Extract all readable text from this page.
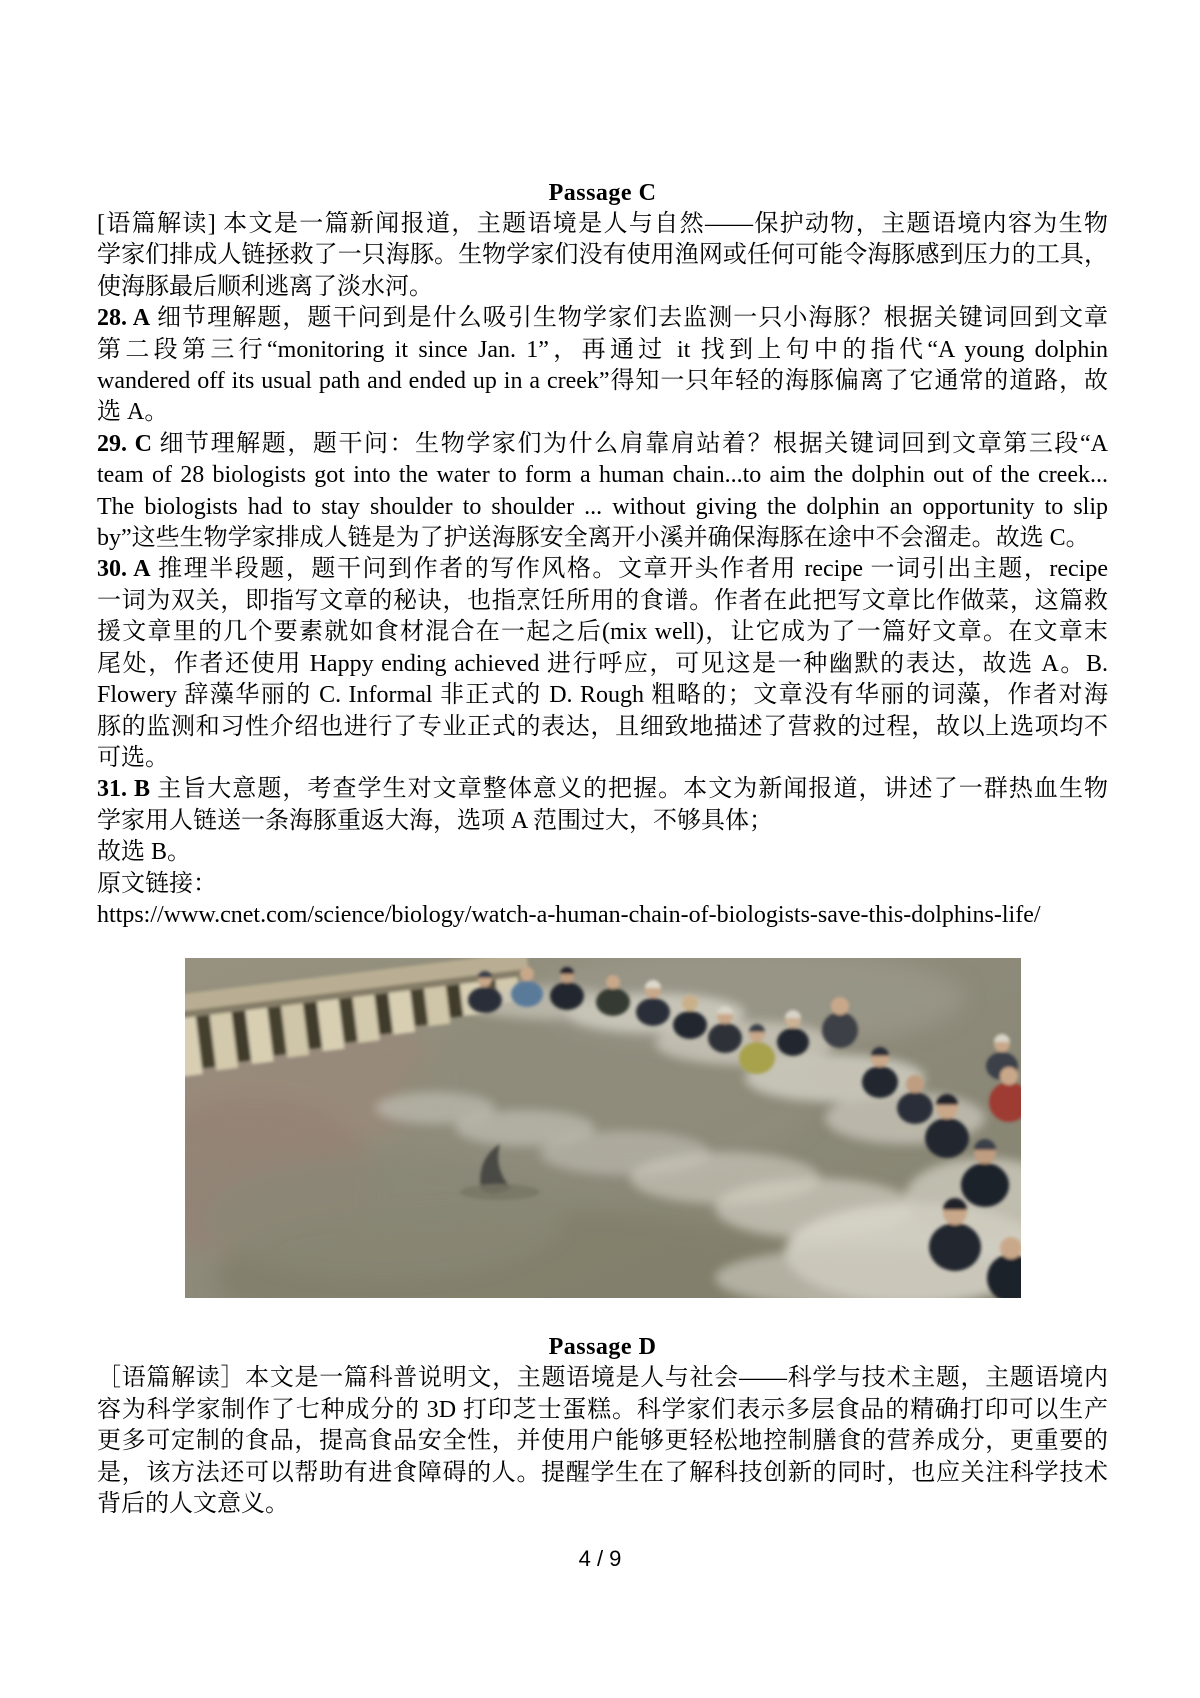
Passage C
[语篇解读] 本文是一篇新闻报道，主题语境是人与自然——保护动物，主题语境内容为生物
学家们排成人链拯救了一只海豚。生物学家们没有使用渔网或任何可能令海豚感到压力的工具，
使海豚最后顺利逃离了淡水河。
28. A 细节理解题，题干问到是什么吸引生物学家们去监测一只小海豚？根据关键词回到文章
第二段第三行“monitoring it since Jan. 1”，再通过 it 找到上句中的指代“A young dolphin
wandered off its usual path and ended up in a creek”得知一只年轻的海豚偏离了它通常的道路，故
选 A。
29. C 细节理解题，题干问：生物学家们为什么肩靠肩站着？根据关键词回到文章第三段“A
team of 28 biologists got into the water to form a human chain...to aim the dolphin out of the creek...
The biologists had to stay shoulder to shoulder ... without giving the dolphin an opportunity to slip
by”这些生物学家排成人链是为了护送海豚安全离开小溪并确保海豚在途中不会溜走。故选 C。
30. A 推理半段题，题干问到作者的写作风格。文章开头作者用 recipe 一词引出主题，recipe
一词为双关，即指写文章的秘诀，也指烹饪所用的食谱。作者在此把写文章比作做菜，这篇救
援文章里的几个要素就如食材混合在一起之后(mix well)，让它成为了一篇好文章。在文章末
尾处，作者还使用 Happy ending achieved 进行呼应，可见这是一种幽默的表达，故选 A。B.
Flowery 辞藻华丽的 C. Informal 非正式的 D. Rough 粗略的；文章没有华丽的词藻，作者对海
豚的监测和习性介绍也进行了专业正式的表达，且细致地描述了营救的过程，故以上选项均不
可选。
31. B 主旨大意题，考查学生对文章整体意义的把握。本文为新闻报道，讲述了一群热血生物
学家用人链送一条海豚重返大海，选项 A 范围过大，不够具体；
故选 B。
原文链接：
https://www.cnet.com/science/biology/watch-a-human-chain-of-biologists-save-this-dolphins-life/
Passage D
［语篇解读］本文是一篇科普说明文，主题语境是人与社会——科学与技术主题，主题语境内
容为科学家制作了七种成分的 3D 打印芝士蛋糕。科学家们表示多层食品的精确打印可以生产
更多可定制的食品，提高食品安全性，并使用户能够更轻松地控制膳食的营养成分，更重要的
是，该方法还可以帮助有进食障碍的人。提醒学生在了解科技创新的同时，也应关注科学技术
背后的人文意义。
4 / 9
